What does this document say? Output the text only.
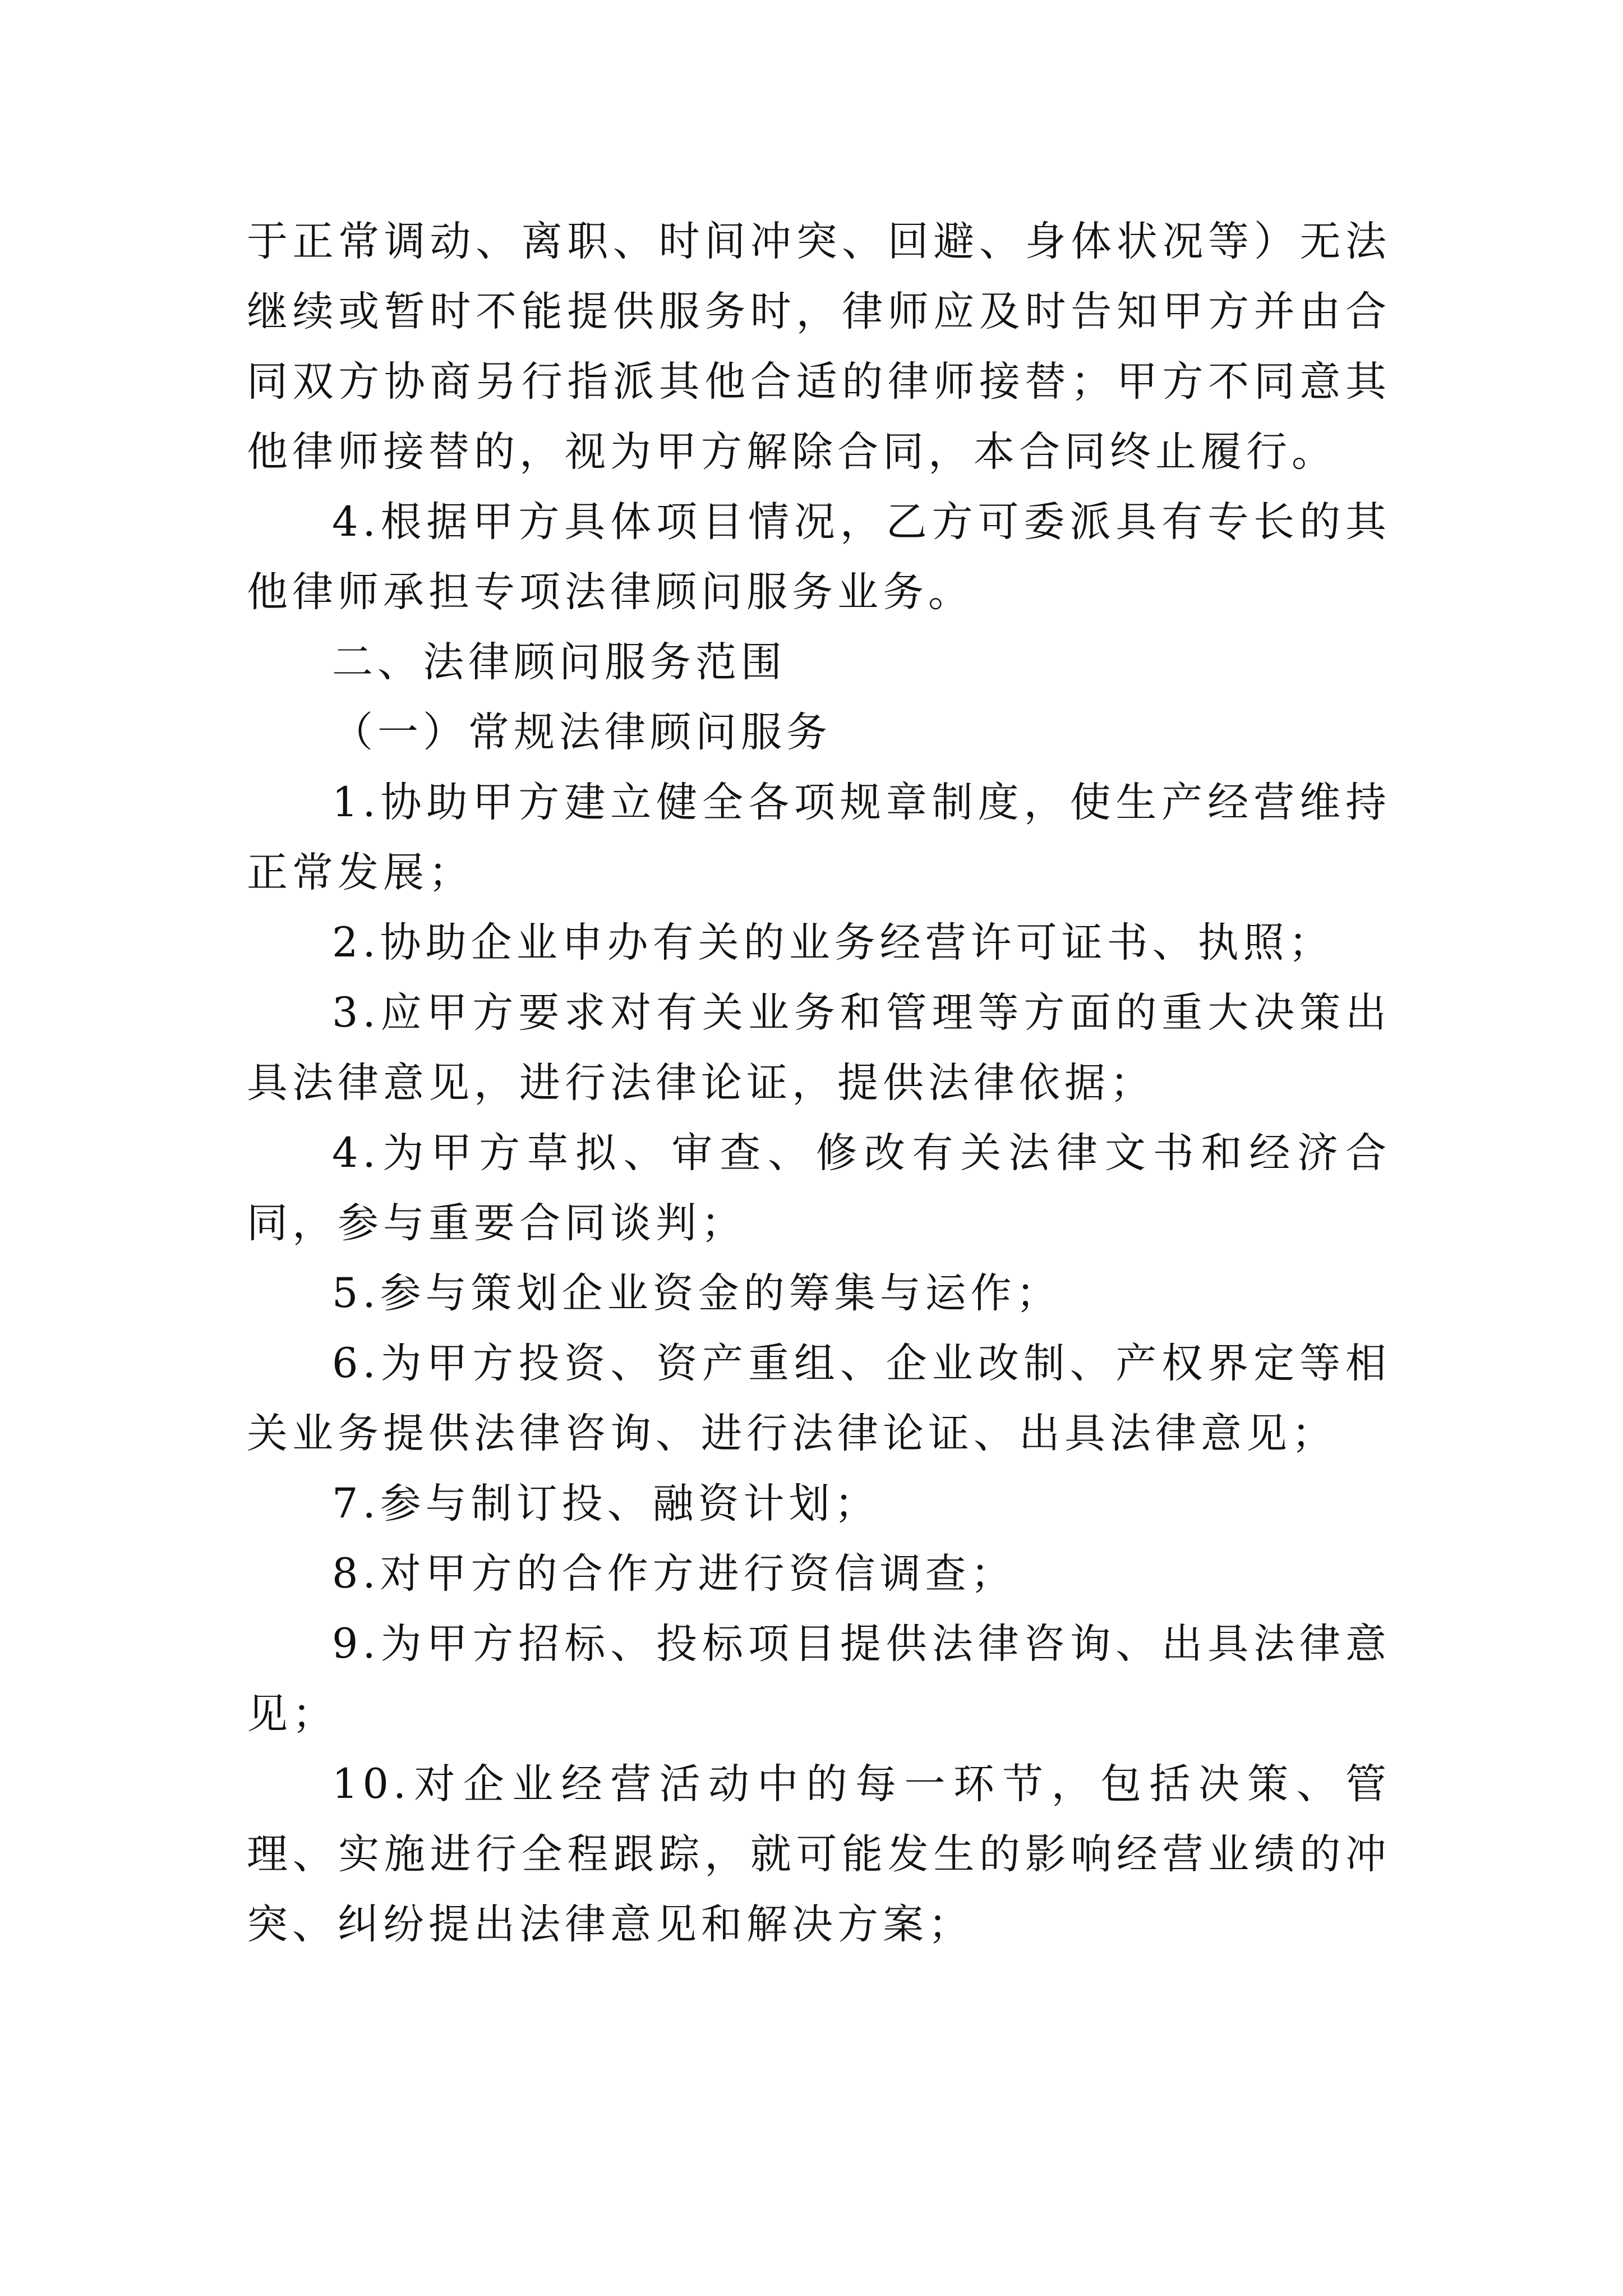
于正常调动、离职、时间冲突、回避、身体状况等）无法继续或暂时不能提供服务时，律师应及时告知甲方并由合同双方协商另行指派其他合适的律师接替；甲方不同意其他律师接替的，视为甲方解除合同，本合同终止履行。

4.根据甲方具体项目情况，乙方可委派具有专长的其他律师承担专项法律顾问服务业务。

二、法律顾问服务范围

（一）常规法律顾问服务

1.协助甲方建立健全各项规章制度，使生产经营维持正常发展；

2.协助企业申办有关的业务经营许可证书、执照；

3.应甲方要求对有关业务和管理等方面的重大决策出具法律意见，进行法律论证，提供法律依据；

4.为甲方草拟、审查、修改有关法律文书和经济合同，参与重要合同谈判；

5.参与策划企业资金的筹集与运作；

6.为甲方投资、资产重组、企业改制、产权界定等相关业务提供法律咨询、进行法律论证、出具法律意见；

7.参与制订投、融资计划；

8.对甲方的合作方进行资信调查；

9.为甲方招标、投标项目提供法律咨询、出具法律意见；

10.对企业经营活动中的每一环节，包括决策、管理、实施进行全程跟踪，就可能发生的影响经营业绩的冲突、纠纷提出法律意见和解决方案；
